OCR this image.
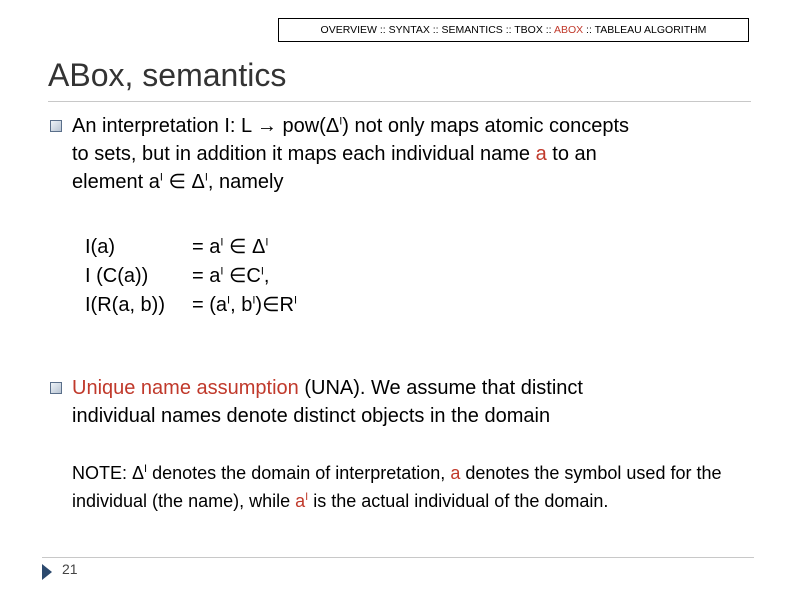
OVERVIEW :: SYNTAX :: SEMANTICS :: TBOX :: ABOX :: TABLEAU ALGORITHM
ABox, semantics

An interpretation I: $L \to pow(\Delta^I)$ not only maps atomic concepts
to sets, but in addition it maps each individual name a to an
element $a^I$ ∈ $\Delta^I$, namely

I(a)	= $a^I$ ∈ $\Delta^I$
I $(C(a)) = a^I$ $\in C^I$,
I(R(a, $b)) = (a^I$, $b^I)\in R^I$

Unique name assumption (UNA). We assume that distinct
individual names denote distinct objects in the domain

NOTE: $\Delta^I$ denotes the domain of interpretation, a denotes the symbol used for the individual (the name), while $a^I$ is the actual individual of the domain.

21
